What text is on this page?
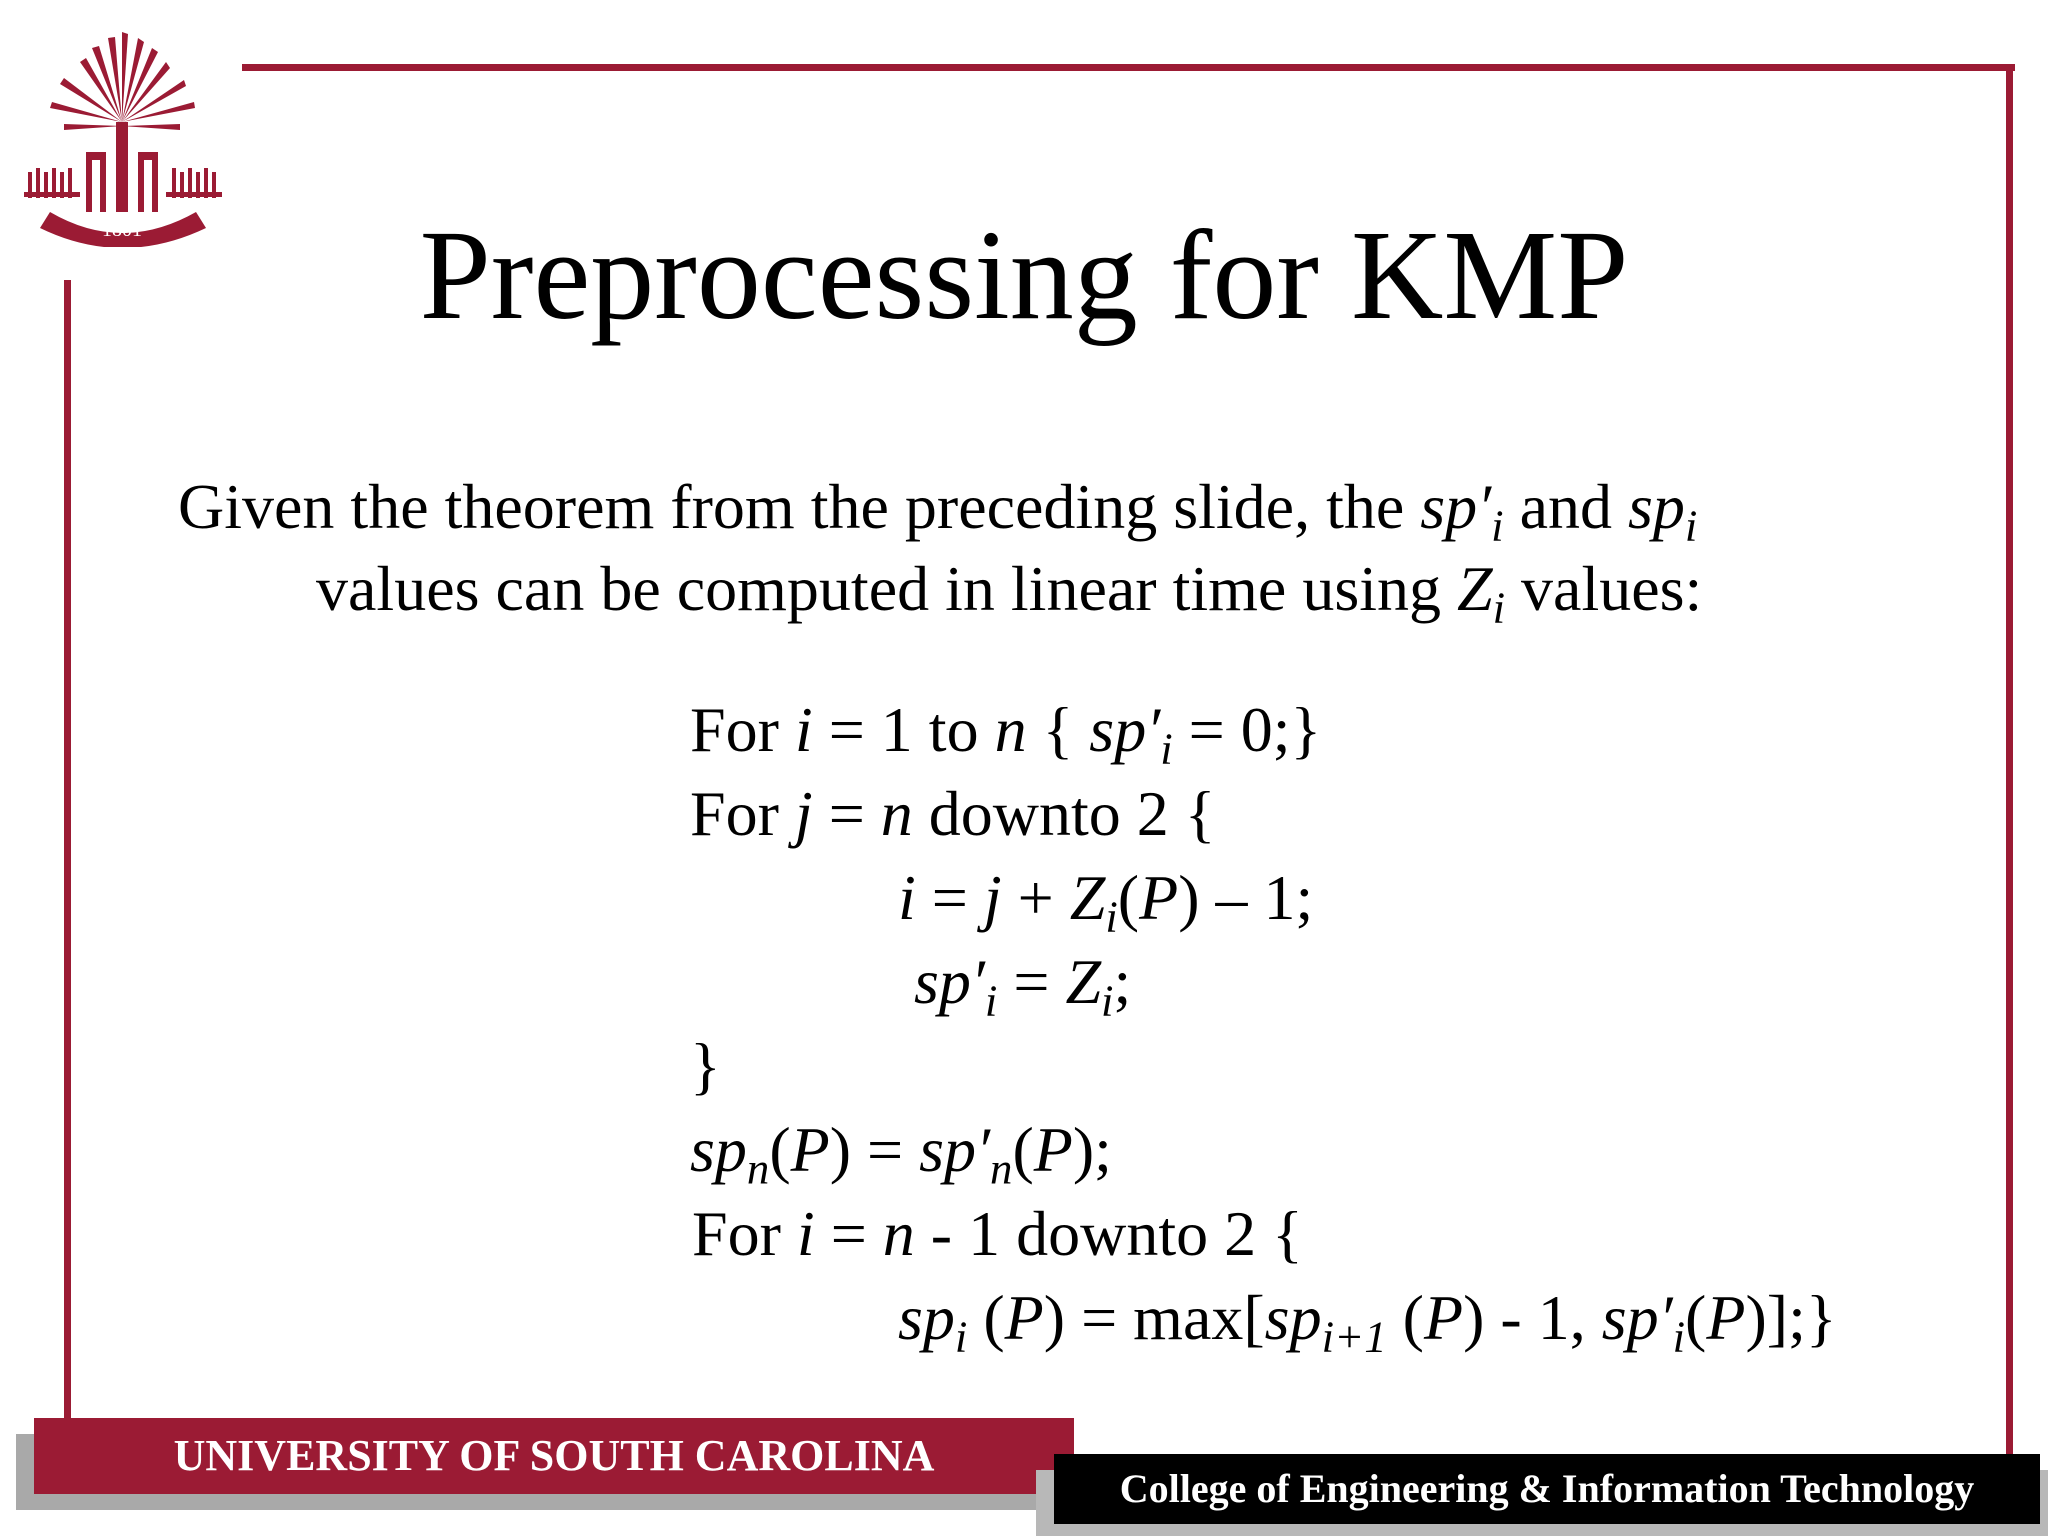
1801	Preprocessing for KMP
Given the theorem from the preceding slide, the $sp'_i$ and $sp_i$
values can be computed in linear time using $Z_i$ values:
For i = 1 to n { $sp'_i$ = 0;}
For j = n downto 2 {
$i = j + Z_i(P) - 1$;
$sp'_i = Z_i$;
}
$sp_n(P) = sp'_n(P)$;
For i = n - 1 downto 2 {
$sp_i$ $(P) = \max[sp_{i+1}$ (P) - 1, $sp'_i(P)$];}
UNIVERSITY OF SOUTH CAROLINA
College of Engineering & Information Technology
